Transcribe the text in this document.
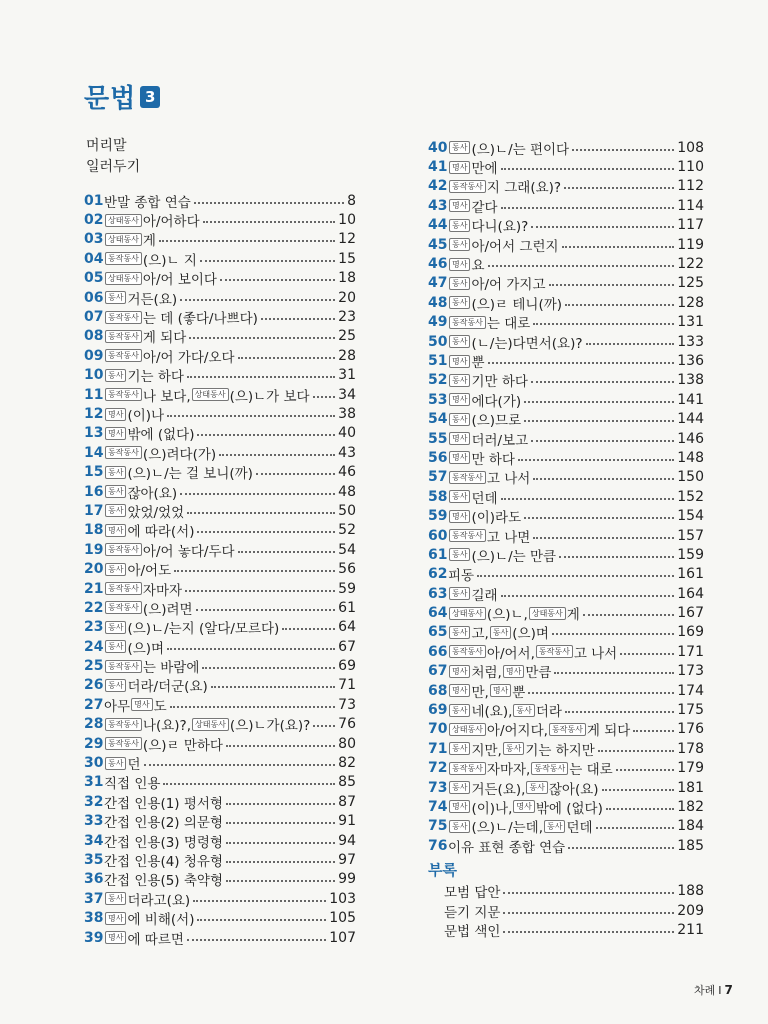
문법 3
머리말
일러두기
01 반말 종합 연습	8
02 상태동사 아/어하다	10
03 상태동사 게	12
04 동작동사 (으)ㄴ 지	15
05 상태동사 아/어 보이다	18
06 동사 거든(요)	20
07 동작동사 는 데 (좋다/나쁘다)	23
08 동작동사 게 되다	25
09 동작동사 아/어 가다/오다	28
10 동사 기는 하다	31
11 동작동사 나 보다, 상태동사 (으)ㄴ가 보다 34
12 명사 (이)나	38
13 명사 밖에 (없다)	40
14 동작동사 (으)려다(가)	43
15 동사 (으)ㄴ/는 걸 보니(까)	46
16 동사 잖아(요)	48
17 동사 았었/었었	50
18 명사 에 따라(서)	52
19 동작동사 아/어 놓다/두다	54
20 동사 아/어도	56
21 동작동사 자마자	59
22 동작동사 (으)려면	61
23 동사 (으)ㄴ/는지 (알다/모르다)	64
24 동사 (으)며	67
25 동작동사 는 바람에	69
26 동사 더라/더군(요)	71
27 아무 명사 도	73
28 동작동사 나(요)?, 상태동사 (으)ㄴ가(요)? 76
29 동작동사 (으)ㄹ 만하다	80
30 동사 던	82
31 직접 인용	85
32 간접 인용(1) 평서형	87
33 간접 인용(2) 의문형	91
34 간접 인용(3) 명령형	94
35 간접 인용(4) 청유형	97
36 간접 인용(5) 축약형	99
37 동사 더라고(요)	103
38 명사 에 비해(서)	105
39 명사 에 따르면	107
40 동사 (으)ㄴ/는 편이다	108
41 명사 만에	110
42 동작동사 지 그래(요)?	112
43 명사 같다	114
44 동사 다니(요)?	117
45 동사 아/어서 그런지	119
46 명사 요	122
47 동사 아/어 가지고	125
48 동사 (으)ㄹ 테니(까)	128
49 동작동사 는 대로	131
50 동사 (ㄴ/는)다면서(요)?	133
51 명사 뿐	136
52 동사 기만 하다	138
53 명사 에다(가)	141
54 동사 (으)므로	144
55 명사 더러/보고	146
56 명사 만 하다	148
57 동작동사 고 나서	150
58 동사 던데	152
59 명사 (이)라도	154
60 동작동사 고 나면	157
61 동사 (으)ㄴ/는 만큼	159
62 피동	161
63 동사 길래	164
64 상태동사 (으)ㄴ, 상태동사 게	167
65 동사 고, 동사 (으)며	169
66 동작동사 아/어서, 동작동사 고 나서	171
67 명사 처럼, 명사 만큼	173
68 명사 만, 명사 뿐	174
69 동사 네(요), 동사 더라	175
70 상태동사 아/어지다, 동작동사 게 되다	176
71 동사 지만, 동사 기는 하지만	178
72 동작동사 자마자, 동작동사 는 대로	179
73 동사 거든(요), 동사 잖아(요)	181
74 명사 (이)나, 명사 밖에 (없다)	182
75 동사 (으)ㄴ/는데, 동사 던데	184
76 이유 표현 종합 연습	185
부록
모범 답안	188
듣기 지문	209
문법 색인	211
차례 I 7
